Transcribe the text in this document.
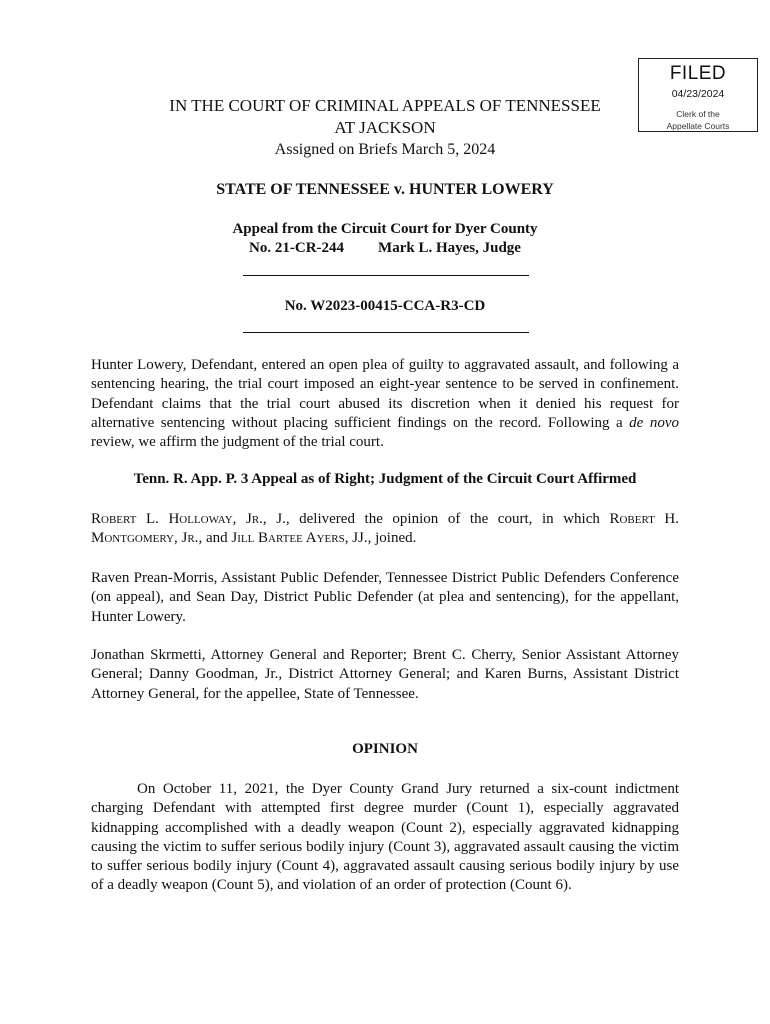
FILED
04/23/2024
Clerk of the
Appellate Courts
IN THE COURT OF CRIMINAL APPEALS OF TENNESSEE
AT JACKSON
Assigned on Briefs March 5, 2024
STATE OF TENNESSEE v. HUNTER LOWERY
Appeal from the Circuit Court for Dyer County
No. 21-CR-244 Mark L. Hayes, Judge
No. W2023-00415-CCA-R3-CD
Hunter Lowery, Defendant, entered an open plea of guilty to aggravated assault, and following a sentencing hearing, the trial court imposed an eight-year sentence to be served in confinement. Defendant claims that the trial court abused its discretion when it denied his request for alternative sentencing without placing sufficient findings on the record. Following a de novo review, we affirm the judgment of the trial court.
Tenn. R. App. P. 3 Appeal as of Right; Judgment of the Circuit Court Affirmed
Robert L. Holloway, Jr., J., delivered the opinion of the court, in which Robert H. Montgomery, Jr., and Jill Bartee Ayers, JJ., joined.
Raven Prean-Morris, Assistant Public Defender, Tennessee District Public Defenders Conference (on appeal), and Sean Day, District Public Defender (at plea and sentencing), for the appellant, Hunter Lowery.
Jonathan Skrmetti, Attorney General and Reporter; Brent C. Cherry, Senior Assistant Attorney General; Danny Goodman, Jr., District Attorney General; and Karen Burns, Assistant District Attorney General, for the appellee, State of Tennessee.
OPINION
On October 11, 2021, the Dyer County Grand Jury returned a six-count indictment charging Defendant with attempted first degree murder (Count 1), especially aggravated kidnapping accomplished with a deadly weapon (Count 2), especially aggravated kidnapping causing the victim to suffer serious bodily injury (Count 3), aggravated assault causing the victim to suffer serious bodily injury (Count 4), aggravated assault causing serious bodily injury by use of a deadly weapon (Count 5), and violation of an order of protection (Count 6).
